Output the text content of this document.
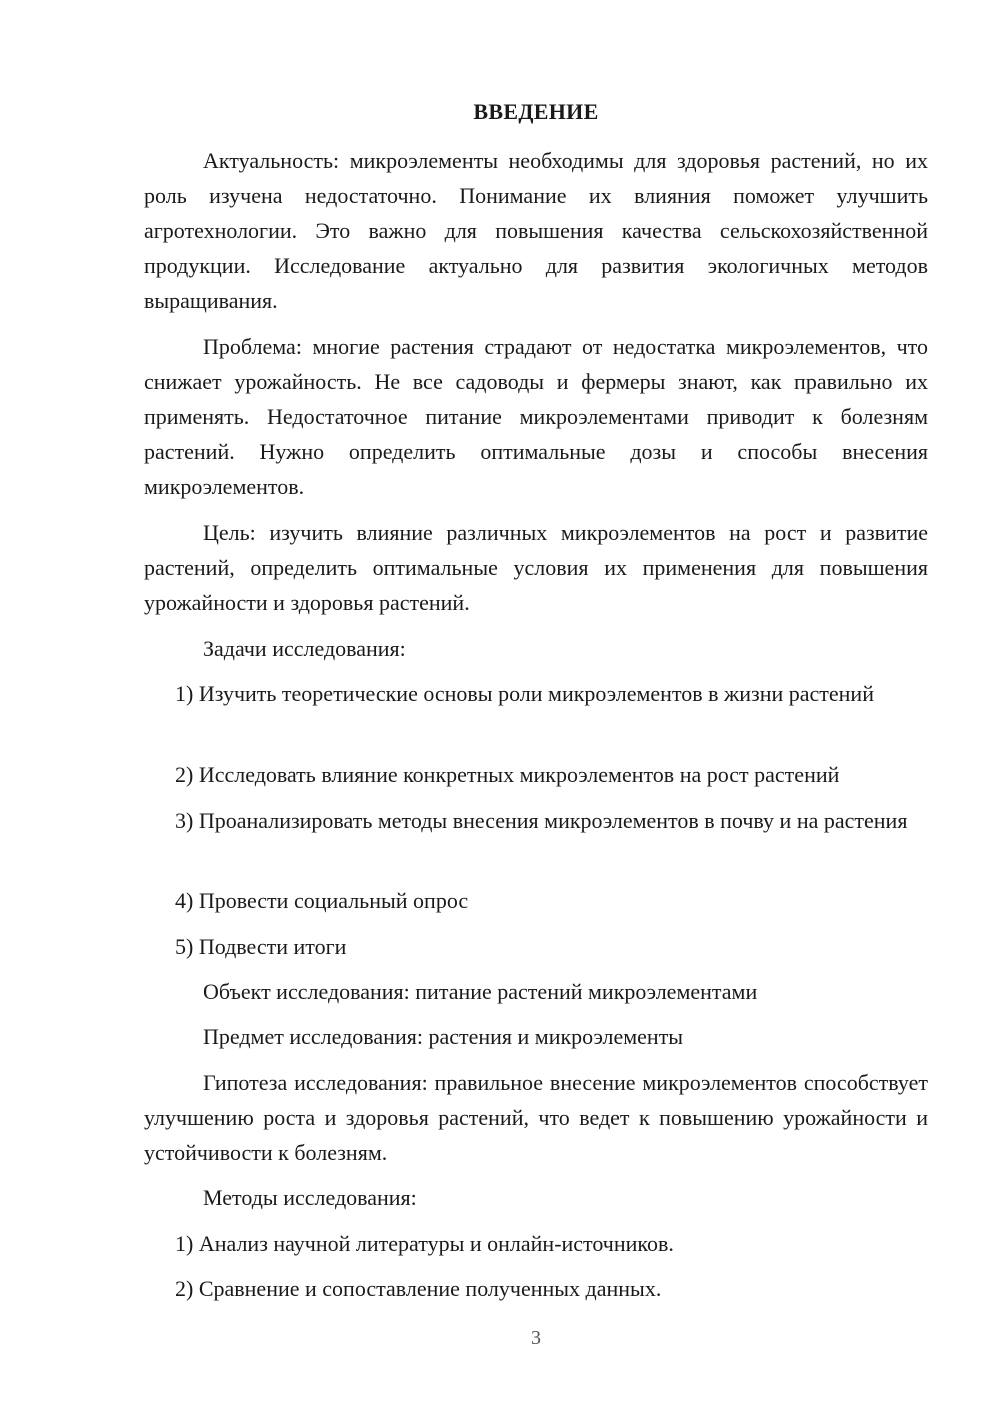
ВВЕДЕНИЕ

Актуальность: микроэлементы необходимы для здоровья растений, но их роль изучена недостаточно. Понимание их влияния поможет улучшить агротехнологии. Это важно для повышения качества сельскохозяйственной продукции. Исследование актуально для развития экологичных методов выращивания.

Проблема: многие растения страдают от недостатка микроэлементов, что снижает урожайность. Не все садоводы и фермеры знают, как правильно их применять. Недостаточное питание микроэлементами приводит к болезням растений. Нужно определить оптимальные дозы и способы внесения микроэлементов.

Цель: изучить влияние различных микроэлементов на рост и развитие растений, определить оптимальные условия их применения для повышения урожайности и здоровья растений.

Задачи исследования:

1) Изучить теоретические основы роли микроэлементов в жизни растений

2) Исследовать влияние конкретных микроэлементов на рост растений

3) Проанализировать методы внесения микроэлементов в почву и на растения

4) Провести социальный опрос

5) Подвести итоги

Объект исследования: питание растений микроэлементами

Предмет исследования: растения и микроэлементы

Гипотеза исследования: правильное внесение микроэлементов способствует улучшению роста и здоровья растений, что ведет к повышению урожайности и устойчивости к болезням.

Методы исследования:

1) Анализ научной литературы и онлайн-источников.

2) Сравнение и сопоставление полученных данных.

3
